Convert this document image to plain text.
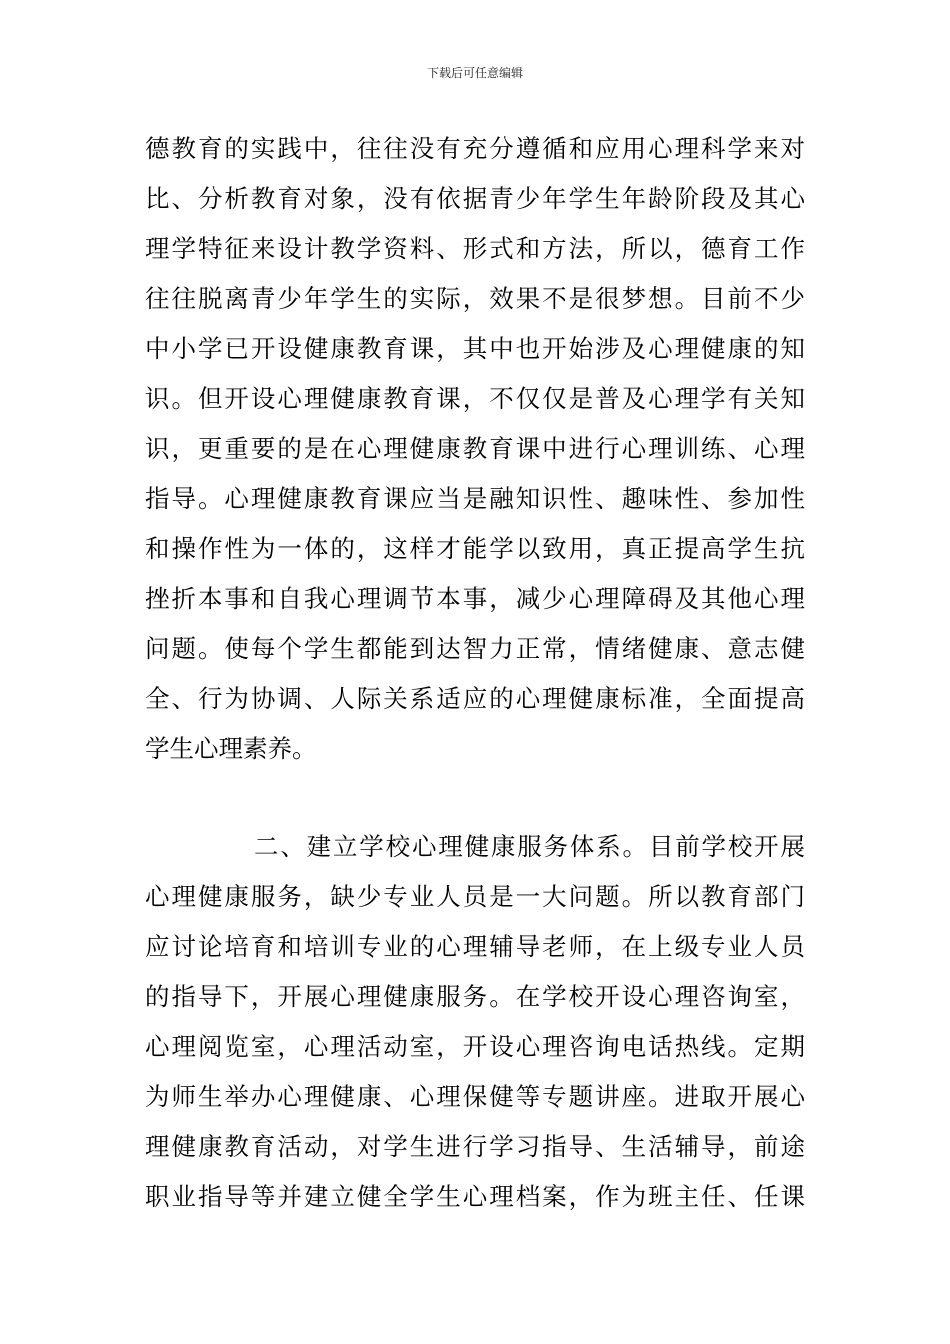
下载后可任意编辑
德教育的实践中，往往没有充分遵循和应用心理科学来对
比、分析教育对象，没有依据青少年学生年龄阶段及其心
理学特征来设计教学资料、形式和方法，所以，德育工作
往往脱离青少年学生的实际，效果不是很梦想。目前不少
中小学已开设健康教育课，其中也开始涉及心理健康的知
识。但开设心理健康教育课，不仅仅是普及心理学有关知
识，更重要的是在心理健康教育课中进行心理训练、心理
指导。心理健康教育课应当是融知识性、趣味性、参加性
和操作性为一体的，这样才能学以致用，真正提高学生抗
挫折本事和自我心理调节本事，减少心理障碍及其他心理
问题。使每个学生都能到达智力正常，情绪健康、意志健
全、行为协调、人际关系适应的心理健康标准，全面提高
学生心理素养。
二、建立学校心理健康服务体系。目前学校开展
心理健康服务，缺少专业人员是一大问题。所以教育部门
应讨论培育和培训专业的心理辅导老师，在上级专业人员
的指导下，开展心理健康服务。在学校开设心理咨询室，
心理阅览室，心理活动室，开设心理咨询电话热线。定期
为师生举办心理健康、心理保健等专题讲座。进取开展心
理健康教育活动，对学生进行学习指导、生活辅导，前途
职业指导等并建立健全学生心理档案，作为班主任、任课
